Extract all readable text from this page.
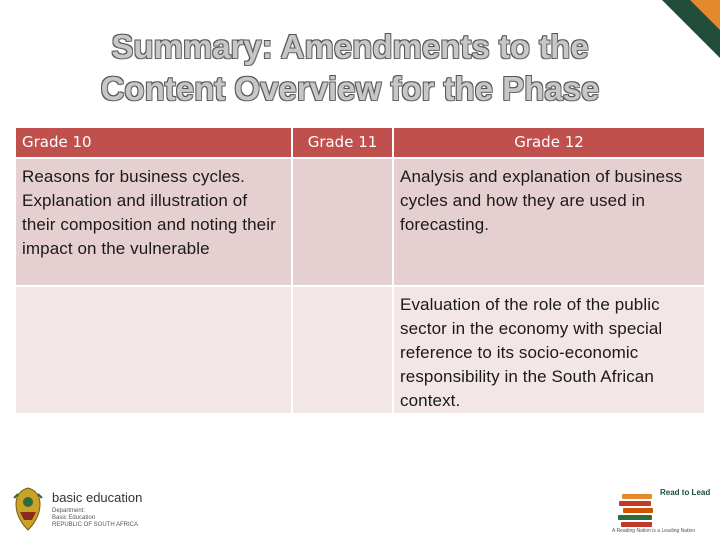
Summary: Amendments to the
Content Overview for the Phase
Grade 10	Grade 11	Grade 12

Reasons for business cycles. Explanation and illustration of their composition and noting their impact on the vulnerable		Analysis and explanation of business cycles and how they are used in forecasting.

		Evaluation of the role of the public sector in the economy with special reference to its socio-economic responsibility in the South African context.
basic education
Department:
Basic Education
REPUBLIC OF SOUTH AFRICA
Read to Lead
A Reading Nation is a Leading Nation
